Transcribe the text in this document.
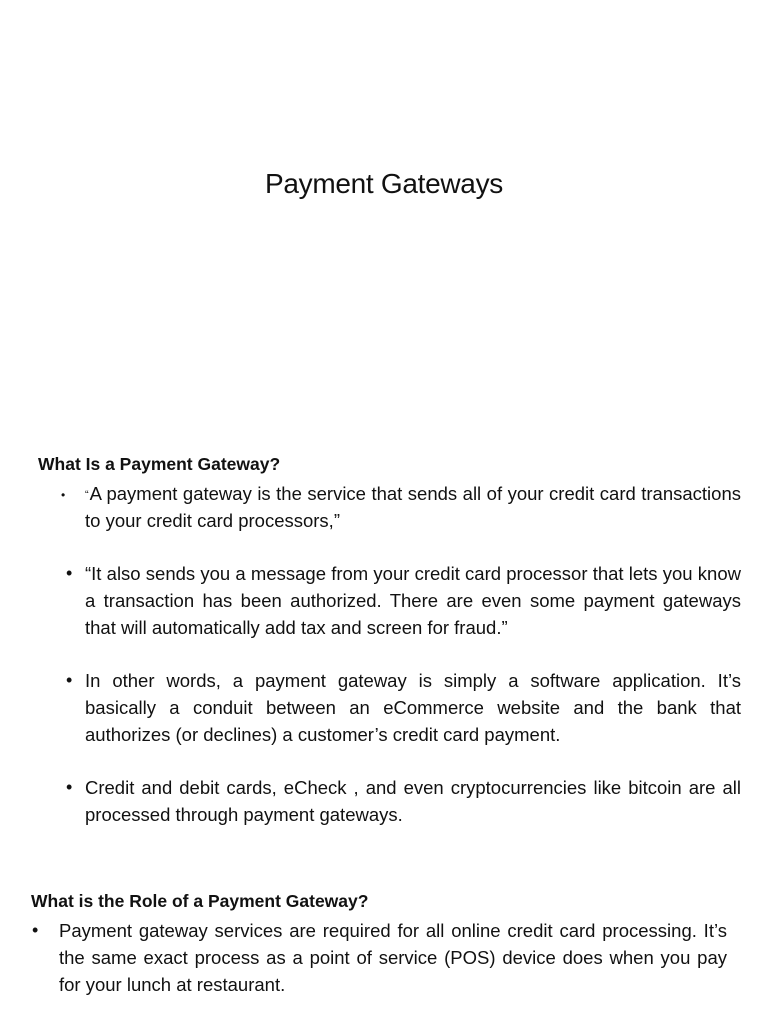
Payment Gateways
What Is a Payment Gateway?
• “A payment gateway is the service that sends all of your credit card transactions to your credit card processors,”
• “It also sends you a message from your credit card processor that lets you know a transaction has been authorized. There are even some payment gateways that will automatically add tax and screen for fraud.”
• In other words, a payment gateway is simply a software application. It’s basically a conduit between an eCommerce website and the bank that authorizes (or declines) a customer’s credit card payment.
• Credit and debit cards, eCheck , and even cryptocurrencies like bitcoin are all processed through payment gateways.
What is the Role of a Payment Gateway?
• Payment gateway services are required for all online credit card processing. It’s the same exact process as a point of service (POS) device does when you pay for your lunch at restaurant.
